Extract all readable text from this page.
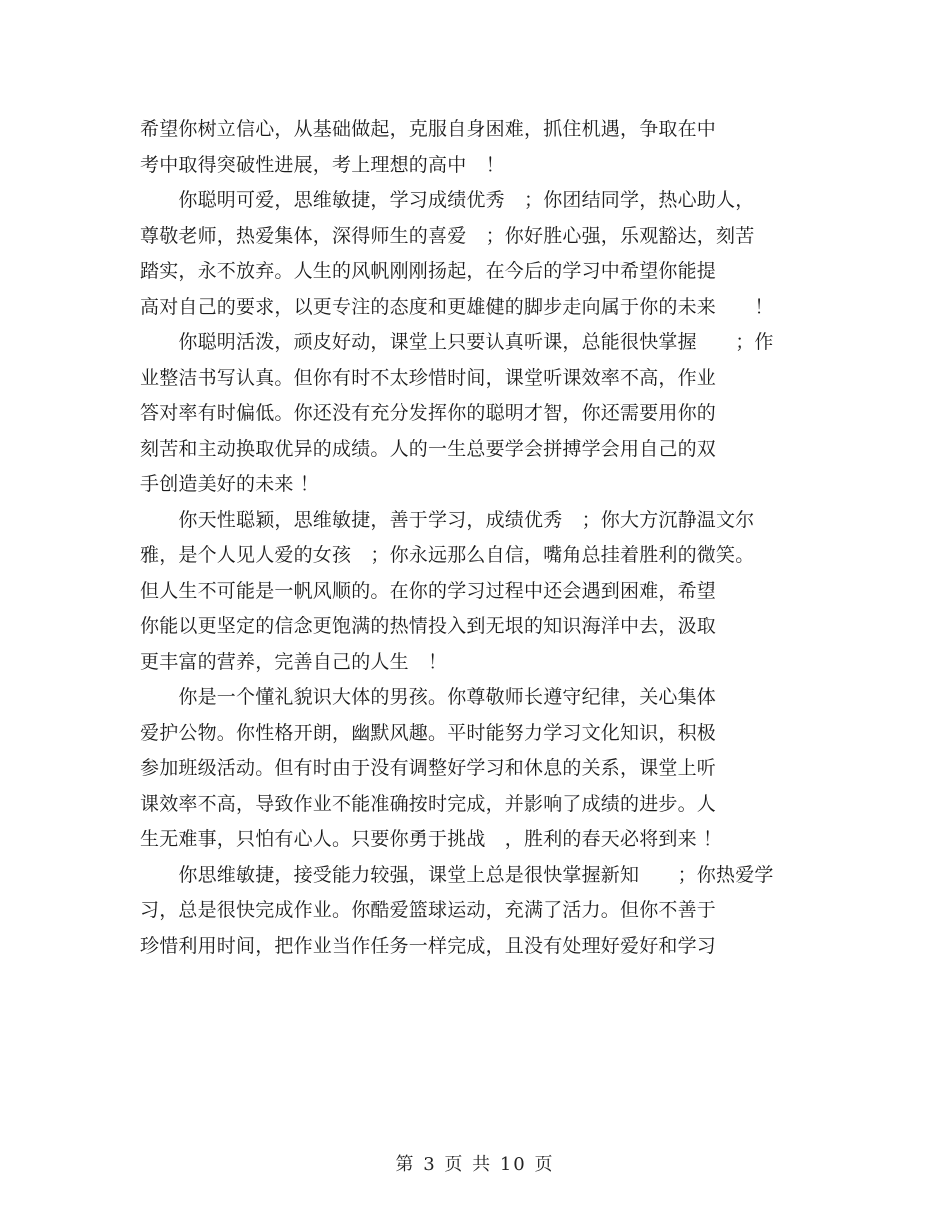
希望你树立信心，从基础做起，克服自身困难，抓住机遇，争取在中
考中取得突破性进展，考上理想的高中　！
　　你聪明可爱，思维敏捷，学习成绩优秀　；你团结同学，热心助人，
尊敬老师，热爱集体，深得师生的喜爱　；你好胜心强，乐观豁达，刻苦
踏实，永不放弃。人生的风帆刚刚扬起，在今后的学习中希望你能提
高对自己的要求，以更专注的态度和更雄健的脚步走向属于你的未来　　！
　　你聪明活泼，顽皮好动，课堂上只要认真听课，总能很快掌握　　；作
业整洁书写认真。但你有时不太珍惜时间，课堂听课效率不高，作业
答对率有时偏低。你还没有充分发挥你的聪明才智，你还需要用你的
刻苦和主动换取优异的成绩。人的一生总要学会拼搏学会用自己的双
手创造美好的未来 ！
　　你天性聪颖，思维敏捷，善于学习，成绩优秀　；你大方沉静温文尔
雅，是个人见人爱的女孩　；你永远那么自信，嘴角总挂着胜利的微笑。
但人生不可能是一帆风顺的。在你的学习过程中还会遇到困难，希望
你能以更坚定的信念更饱满的热情投入到无垠的知识海洋中去，汲取
更丰富的营养，完善自己的人生　！
　　你是一个懂礼貌识大体的男孩。你尊敬师长遵守纪律，关心集体
爱护公物。你性格开朗，幽默风趣。平时能努力学习文化知识，积极
参加班级活动。但有时由于没有调整好学习和休息的关系，课堂上听
课效率不高，导致作业不能准确按时完成，并影响了成绩的进步。人
生无难事，只怕有心人。只要你勇于挑战　，胜利的春天必将到来 ！
　　你思维敏捷，接受能力较强，课堂上总是很快掌握新知　　；你热爱学
习，总是很快完成作业。你酷爱篮球运动，充满了活力。但你不善于
珍惜利用时间，把作业当作任务一样完成，且没有处理好爱好和学习
第 3 页 共 10 页
